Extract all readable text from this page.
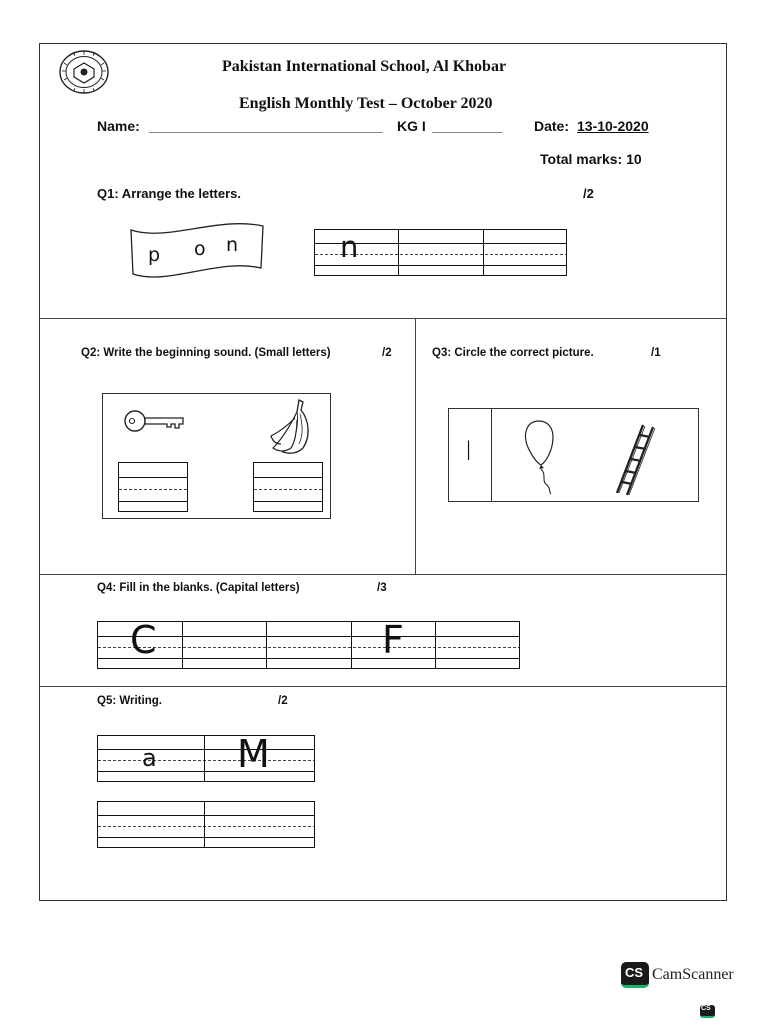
Pakistan International School, Al Khobar
English Monthly Test – October 2020
Name: ______________________________ KG I _________ Date: 13-10-2020
Total marks: 10
Q1: Arrange the letters.	/2
p o n	n
Q2: Write the beginning sound. (Small letters)	/2	Q3: Circle the correct picture.	/1
l
Q4: Fill in the blanks. (Capital letters)	/3
C	F
Q5: Writing.	/2
a M
CS CamScanner
CS
